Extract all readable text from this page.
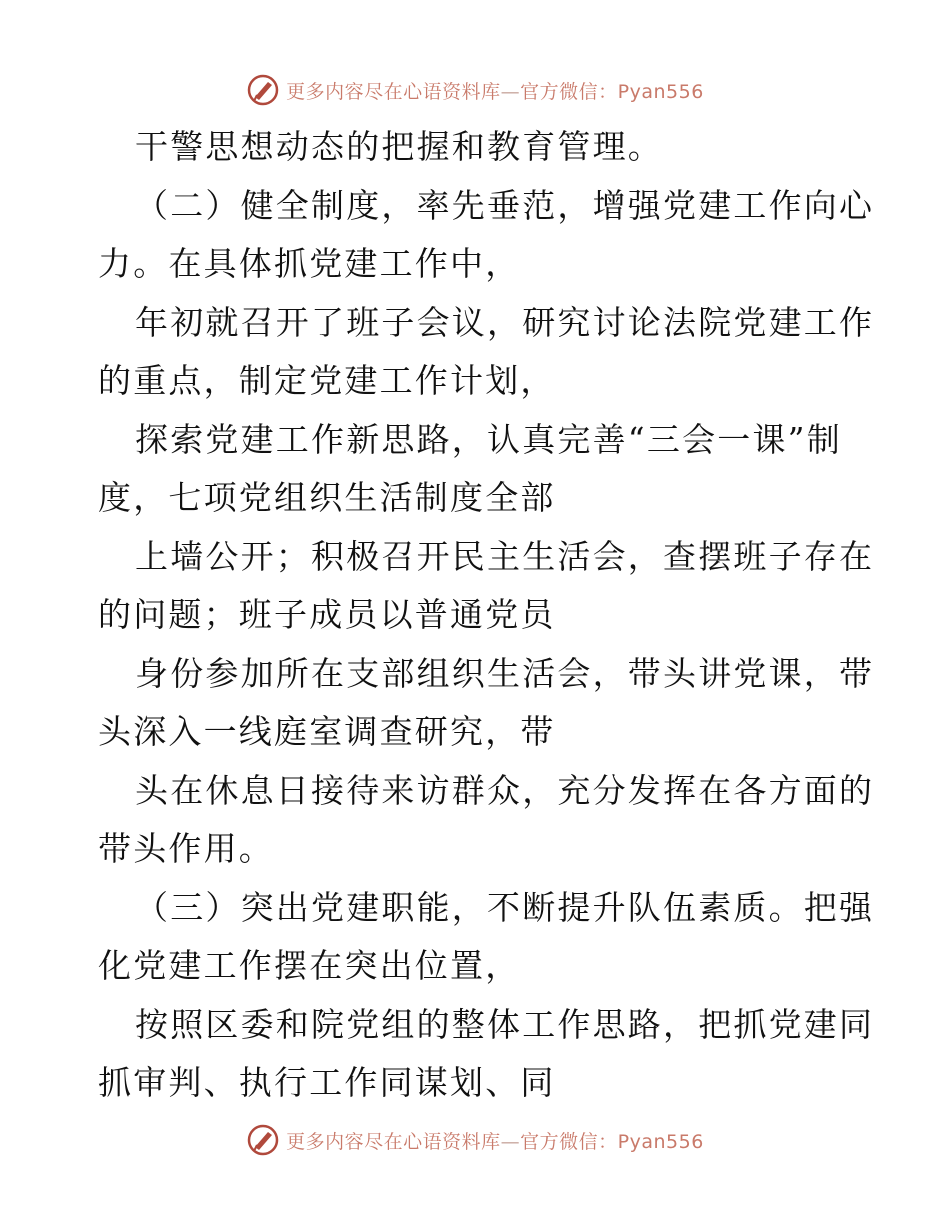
更多内容尽在心语资料库—官方微信：Pyan556
干警思想动态的把握和教育管理。
（二）健全制度，率先垂范，增强党建工作向心
力。在具体抓党建工作中，
年初就召开了班子会议，研究讨论法院党建工作
的重点，制定党建工作计划，
探索党建工作新思路，认真完善“三会一课”制
度，七项党组织生活制度全部
上墙公开；积极召开民主生活会，查摆班子存在
的问题；班子成员以普通党员
身份参加所在支部组织生活会，带头讲党课，带
头深入一线庭室调查研究，带
头在休息日接待来访群众，充分发挥在各方面的
带头作用。
（三）突出党建职能，不断提升队伍素质。把强
化党建工作摆在突出位置，
按照区委和院党组的整体工作思路，把抓党建同
抓审判、执行工作同谋划、同
更多内容尽在心语资料库—官方微信：Pyan556
